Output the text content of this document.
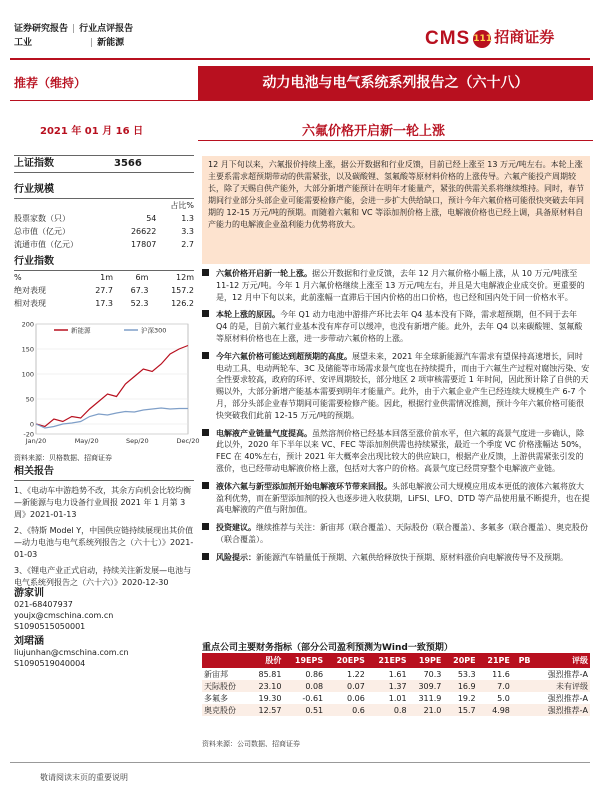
证券研究报告 | 行业点评报告
工业	| 新能源	CMS 111 招商证券
推荐（维持）	动力电池与电气系统系列报告之（六十八）
2021 年 01 月 16 日	六氟价格开启新一轮上涨
上证指数	3566
行业规模
		占比%
股票家数（只）	54	1.3
总市值（亿元）	26622	3.3
流通市值（亿元）	17807	2.7
行业指数
%	1m	6m	12m
绝对表现	27.7	67.3	157.2
相对表现	17.3	52.3	126.2
200
150
100
50
0
-20
Jan/20	May/20	Sep/20	Dec/20
新能源	沪深300
资料来源：贝格数据、招商证券
相关报告
1、《电动车中游趋势不改，其余方向机会比较均衡—新能源与电力设备行业周报 2021 年 1 月第 3 周》2021-01-13
2、《特斯 Model Y，中国供应链持续展现出其价值—动力电池与电气系统列报告之（六十七）》2021-01-03
3、《锂电产业正式启动，持续关注新发展—电池与电气系统列报告之（六十六）》2020-12-30
游家训
021-68407937
youjx@cmschina.com.cn
S1090515050001
刘珺涵
liujunhan@cmschina.com.cn
S1090519040004
12 月下旬以来，六氟报价持续上涨，据公开数据和行业反馈，目前已经上涨至 13 万元/吨左右。本轮上涨主要系需求超预期带动的供需紧张，以及碳酸锂、氢氟酸等原材料价格的上涨传导。六氟产能投产周期较长，除了天赐自供产能外，大部分新增产能预计在明年才能量产，紧张的供需关系将继续维持。同时，春节期间行业部分头部企业可能需要检修产能，会进一步扩大供给缺口，预计今年六氟价格可能很快突破去年同期的 12-15 万元/吨的预期。而随着六氟和 VC 等添加剂价格上涨，电解液价格也已经上调，具备原材料自产能力的电解液企业盈利能力优势将放大。
六氟价格开启新一轮上涨。据公开数据和行业反馈，去年 12 月六氟价格小幅上涨，从 10 万元/吨涨至 11-12 万元/吨。今年 1 月六氟价格继续上涨至 13 万元/吨左右，并且是大电解液企业成交价。更重要的是，12 月中下旬以来，此前涨幅一直滞后于国内价格的出口价格，也已经和国内处于同一价格水平。
本轮上涨的原因。今年 Q1 动力电池中游排产环比去年 Q4 基本没有下降，需求超预期，但不同于去年 Q4 的是，目前六氟行业基本没有库存可以缓冲，也没有新增产能。此外，去年 Q4 以来碳酸锂、氢氟酸等原材料价格也在上涨，进一步带动六氟价格的上涨。
今年六氟价格可能达到超预期的高度。展望未来，2021 年全球新能源汽车需求有望保持高速增长，同时电动工具、电动两轮车、3C 及储能等市场需求景气度也在持续提升，而由于六氟生产过程对腐蚀污染、安全性要求较高，政府的环评、安评周期较长，部分地区 2 项审核需要近 1 年时间，因此预计除了自供的天赐以外，大部分新增产能基本需要到明年才能量产。此外，由于六氟企业产生已经连续大规模生产 6-7 个月，部分头部企业春节期间可能需要检修产能。因此，根据行业供需情况推测，预计今年六氟价格可能很快突破我们此前 12-15 万元/吨的预期。
电解液产业链量气度提高。虽然溶剂价格已经基本回落至涨价前水平，但六氟的高景气度进一步确认，除此以外，2020 年下半年以来 VC、FEC 等添加剂供需也持续紧张，最近一个季度 VC 价格涨幅达 50%，FEC 在 40%左右，预计 2021 年大概率会出现比较大的供应缺口，根据产业反馈，上游供需紧张引发的涨价，也已经带动电解液价格上涨，包括对大客户的价格。高景气度已经贯穿整个电解液产业链。
液体六氟与新型添加剂开始电解液环节带来回报。头部电解液公司大规模应用成本更低的液体六氟将放大盈利优势，而在新型添加剂的投入也逐步进入收获期，LiFSI、LFO、DTD 等产品使用量不断提升，也在提高电解液的产值与附加值。
投资建议。继续推荐与关注：新宙邦（联合覆盖）、天际股份（联合覆盖）、多氟多（联合覆盖）、奥克股份（联合覆盖）。
风险提示：新能源汽车销量低于预期、六氟供给释放快于预期、原材料涨价向电解液传导不及预期。
重点公司主要财务指标（部分公司盈利预测为Wind一致预期）
	股价	19EPS	20EPS	21EPS	19PE	20PE	21PE	PB	评级
新宙邦	85.81	0.86	1.22	1.61	70.3	53.3	11.6		强烈推荐-A
天际股份	23.10	0.08	0.07	1.37	309.7	16.9	7.0		未有评级
多氟多	19.30	-0.61	0.06	1.01	311.9	19.2	5.0		强烈推荐-A
奥克股份	12.57	0.51	0.6	0.8	21.0	15.7	4.98		强烈推荐-A
资料来源：公司数据、招商证券
敬请阅读末页的重要说明
